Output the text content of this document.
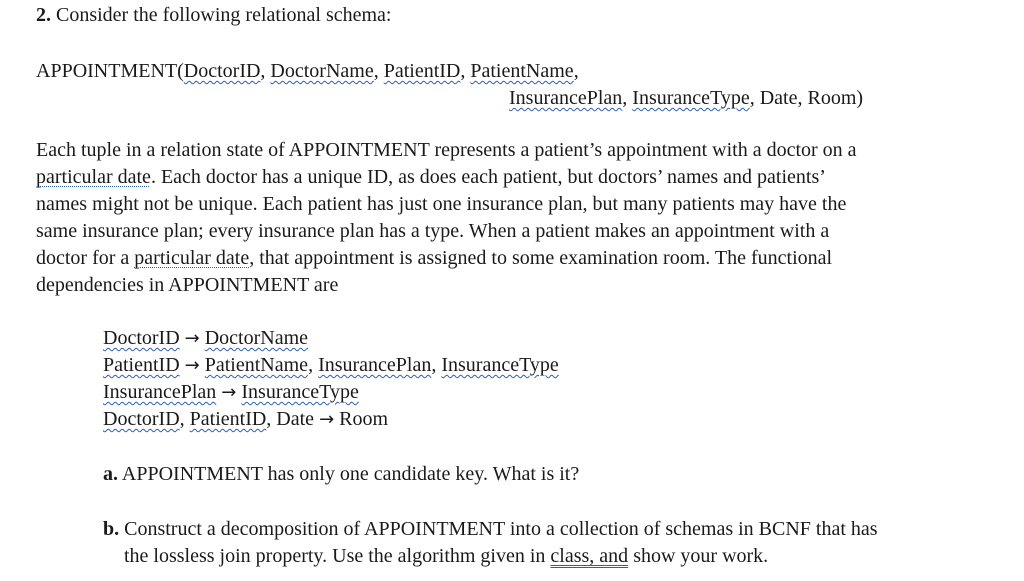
2. Consider the following relational schema:
APPOINTMENT(DoctorID, DoctorName, PatientID, PatientName,
InsurancePlan, InsuranceType, Date, Room)
Each tuple in a relation state of APPOINTMENT represents a patient’s appointment with a doctor on a
particular date. Each doctor has a unique ID, as does each patient, but doctors’ names and patients’
names might not be unique. Each patient has just one insurance plan, but many patients may have the
same insurance plan; every insurance plan has a type. When a patient makes an appointment with a
doctor for a particular date, that appointment is assigned to some examination room. The functional
dependencies in APPOINTMENT are
DoctorID → DoctorName
PatientID → PatientName, InsurancePlan, InsuranceType
InsurancePlan → InsuranceType
DoctorID, PatientID, Date → Room
a. APPOINTMENT has only one candidate key. What is it?
b. Construct a decomposition of APPOINTMENT into a collection of schemas in BCNF that has
the lossless join property. Use the algorithm given in class, and show your work.
